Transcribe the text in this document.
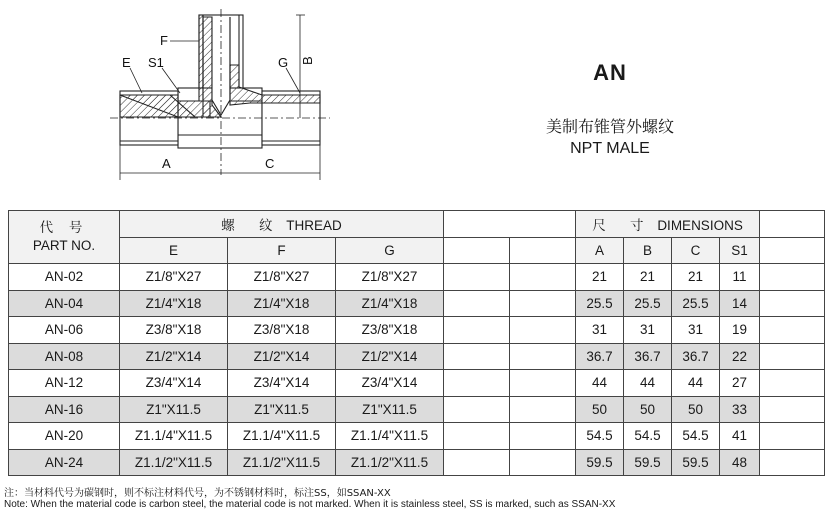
F
E S1	G B
A	C
AN
美制布锥管外螺纹
NPT MALE
代 号
PART NO.	螺 纹 THREAD					尺 寸 DIMENSIONS				
	E	F	G			A	B	C	S1	
AN-02	Z1/8"X27	Z1/8"X27	Z1/8"X27			21	21	21	11	
AN-04	Z1/4"X18	Z1/4"X18	Z1/4"X18			25.5	25.5	25.5	14	
AN-06	Z3/8"X18	Z3/8"X18	Z3/8"X18			31	31	31	19	
AN-08	Z1/2"X14	Z1/2"X14	Z1/2"X14			36.7	36.7	36.7	22	
AN-12	Z3/4"X14	Z3/4"X14	Z3/4"X14			44	44	44	27	
AN-16	Z1"X11.5	Z1"X11.5	Z1"X11.5			50	50	50	33	
AN-20	Z1.1/4"X11.5	Z1.1/4"X11.5	Z1.1/4"X11.5			54.5	54.5	54.5	41	
AN-24	Z1.1/2"X11.5	Z1.1/2"X11.5	Z1.1/2"X11.5			59.5	59.5	59.5	48	
注：当材料代号为碳钢时，则不标注材料代号，为不锈钢材料时，标注SS，如SSAN-XX
Note: When the material code is carbon steel, the material code is not marked. When it is stainless steel, SS is marked, such as SSAN-XX
